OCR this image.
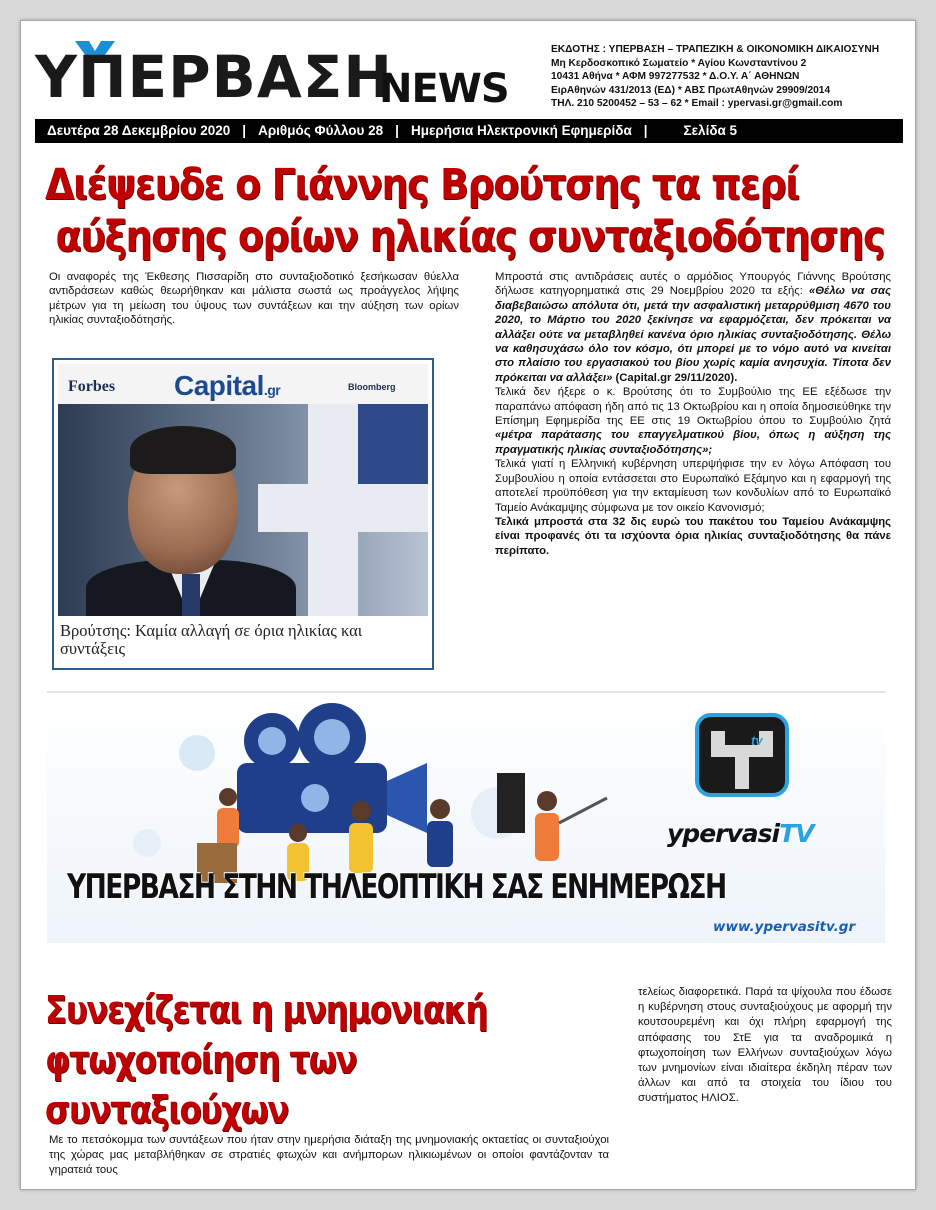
ΥΠΕΡΒΑΣΗ
NEWS
ΕΚΔΟΤΗΣ : ΥΠΕΡΒΑΣΗ – ΤΡΑΠΕΖΙΚΗ & ΟΙΚΟΝΟΜΙΚΗ ΔΙΚΑΙΟΣΥΝΗ
Μη Κερδοσκοπικό Σωματείο * Αγίου Κωνσταντίνου 2
10431 Αθήνα * ΑΦΜ 997277532 * Δ.Ο.Υ. Α΄ ΑΘΗΝΩΝ
ΕιρΑθηνών 431/2013 (ΕΔ) * ΑΒΣ ΠρωτΑθηνών 29909/2014
ΤΗΛ. 210 5200452 – 53 – 62 * Email : ypervasi.gr@gmail.com
Δευτέρα 28 Δεκεμβρίου 2020 | Αριθμός Φύλλου 28 | Ημερήσια Ηλεκτρονική Εφημερίδα |	Σελίδα 5
Διέψευδε ο Γιάννης Βρούτσης τα περί
αύξησης ορίων ηλικίας συνταξιοδότησης

Οι αναφορές της Έκθεσης Πισσαρίδη στο συνταξιοδοτικό ξεσήκωσαν θύελλα αντιδράσεων καθώς θεωρήθηκαν και μάλιστα σωστά ως προάγγελος λήψης μέτρων για τη μείωση του ύψους των συντάξεων και την αύξηση των ορίων ηλικίας συνταξιοδότησής.

Forbes Capital.gr	Bloomberg
Βρούτσης: Καμία αλλαγή σε όρια ηλικίας και συντάξεις

Μπροστά στις αντιδράσεις αυτές ο αρμόδιος Υπουργός Γιάννης Βρούτσης δήλωσε κατηγορηματικά στις 29 Νοεμβρίου 2020 τα εξής: «Θέλω να σας διαβεβαιώσω απόλυτα ότι, μετά την ασφαλιστική μεταρρύθμιση 4670 του 2020, το Μάρτιο του 2020 ξεκίνησε να εφαρμόζεται, δεν πρόκειται να αλλάξει ούτε να μεταβληθεί κανένα όριο ηλικίας συνταξιοδότησης. Θέλω να καθησυχάσω όλο τον κόσμο, ότι μπορεί με το νόμο αυτό να κινείται στο πλαίσιο του εργασιακού του βίου χωρίς καμία ανησυχία. Τίποτα δεν πρόκειται να αλλάξει» (Capital.gr 29/11/2020).

Τελικά δεν ήξερε ο κ. Βρούτσης ότι το Συμβούλιο της ΕΕ εξέδωσε την παραπάνω απόφαση ήδη από τις 13 Οκτωβρίου και η οποία δημοσιεύθηκε την Επίσημη Εφημερίδα της ΕΕ στις 19 Οκτωβρίου όπου το Συμβούλιο ζητά «μέτρα παράτασης του επαγγελματικού βίου, όπως η αύξηση της πραγματικής ηλικίας συνταξιοδότησης»;

Τελικά γιατί η Ελληνική κυβέρνηση υπερψήφισε την εν λόγω Απόφαση του Συμβουλίου η οποία εντάσσεται στο Ευρωπαϊκό Εξάμηνο και η εφαρμογή της αποτελεί προϋπόθεση για την εκταμίευση των κονδυλίων από το Ευρωπαϊκό Ταμείο Ανάκαμψης σύμφωνα με τον οικείο Κανονισμό;

Τελικά μπροστά στα 32 δις ευρώ του πακέτου του Ταμείου Ανάκαμψης είναι προφανές ότι τα ισχύοντα όρια ηλικίας συνταξιοδότησης θα πάνε περίπατο.

tv
ypervasiTV
ΥΠΕΡΒΑΣΗ ΣΤΗΝ ΤΗΛΕΟΠΤΙΚΗ ΣΑΣ ΕΝΗΜΕΡΩΣΗ
www.ypervasitv.gr
Συνεχίζεται η μνημονιακή
φτωχοποίηση των
συνταξιούχων
Με το πετσόκομμα των συντάξεων που ήταν στην ημερήσια διάταξη της μνημονιακής οκταετίας οι συνταξιούχοι της χώρας μας μεταβλήθηκαν σε στρατιές φτωχών και ανήμπορων ηλικιωμένων οι οποίοι φαντάζονταν τα γηρατειά τους
τελείως διαφορετικά. Παρά τα ψίχουλα που έδωσε η κυβέρνηση στους συνταξιούχους με αφορμή την κουτσουρεμένη και όχι πλήρη εφαρμογή της απόφασης του ΣτΕ για τα αναδρομικά η φτωχοποίηση των Ελλήνων συνταξιούχων λόγω των μνημονίων είναι ιδιαίτερα έκδηλη πέραν των άλλων και από τα στοιχεία του ίδιου του συστήματος ΗΛΙΟΣ.
